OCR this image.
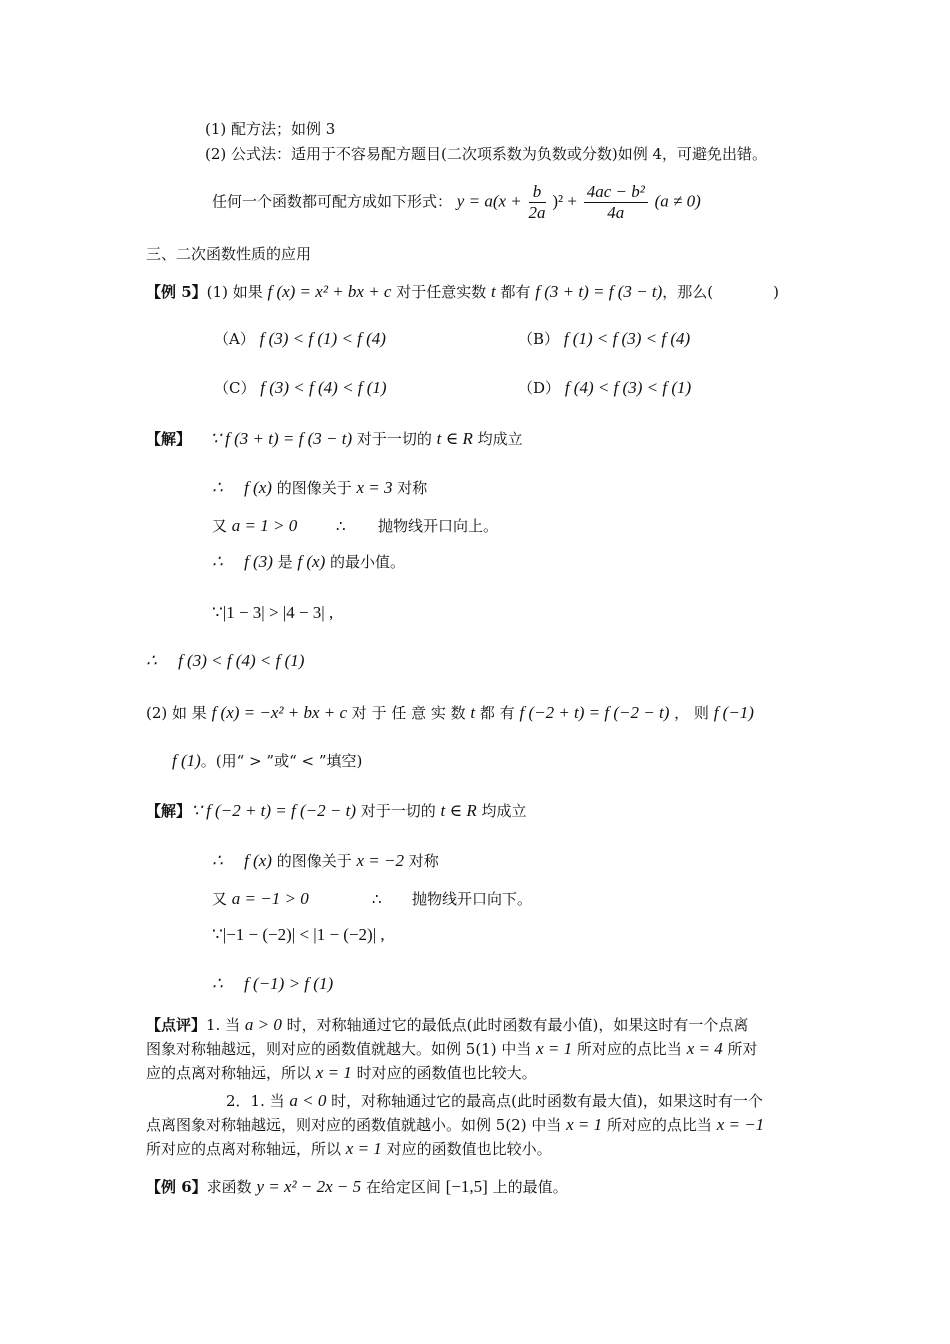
(1) 配方法；如例 3
(2) 公式法：适用于不容易配方题目(二次项系数为负数或分数)如例 4，可避免出错。
任何一个函数都可配方成如下形式： $y = a(x + \frac{b}{2a} )^2 + \frac{\text{4ac − b²}}{4a} (a \ne 0)$
三、二次函数性质的应用
【例 5】(1) 如果 f (x) = x² + bx + c 对于任意实数 t 都有 f (3 + t) = f (3 − t)，那么(　　　　)
（A） f (3) < f (1) < f (4)	（B） f (1) < f (3) < f (4)
（C） f (3) < f (4) < f (1)	（D） f (4) < f (3) < f (1)
【解】 ∵ f (3 + t) = f (3 − t) 对于一切的 t ∈ R 均成立
∴　 f (x) 的图像关于 x = 3 对称
又 a = 1 > 0	∴ 抛物线开口向上。
∴　 f (3) 是 f (x) 的最小值。
∵|1 − 3| > |4 − 3| ,
∴　 f (3) < f (4) < f (1)
(2) 如 果 f (x) = −x² + bx + c 对 于 任 意 实 数 t 都 有 f (−2 + t) = f (−2 − t) ， 则 f (−1)
f (1)。(用“ > ”或“ < ”填空)
【解】∵ f (−2 + t) = f (−2 − t) 对于一切的 t ∈ R 均成立
∴　 f (x) 的图像关于 x = −2 对称
又 a = −1 > 0	∴ 抛物线开口向下。
∵|−1 − (−2)| < |1 − (−2)| ,
∴　 f (−1) > f (1)
【点评】1. 当 a > 0 时，对称轴通过它的最低点(此时函数有最小值)，如果这时有一个点离
图象对称轴越远，则对应的函数值就越大。如例 5(1) 中当 x = 1 所对应的点比当 x = 4 所对
应的点离对称轴远，所以 x = 1 时对应的函数值也比较大。
2．1. 当 a < 0 时，对称轴通过它的最高点(此时函数有最大值)，如果这时有一个
点离图象对称轴越远，则对应的函数值就越小。如例 5(2) 中当 x = 1 所对应的点比当 x = −1
所对应的点离对称轴远，所以 x = 1 对应的函数值也比较小。
【例 6】求函数 y = x² − 2x − 5 在给定区间 [−1,5] 上的最值。
